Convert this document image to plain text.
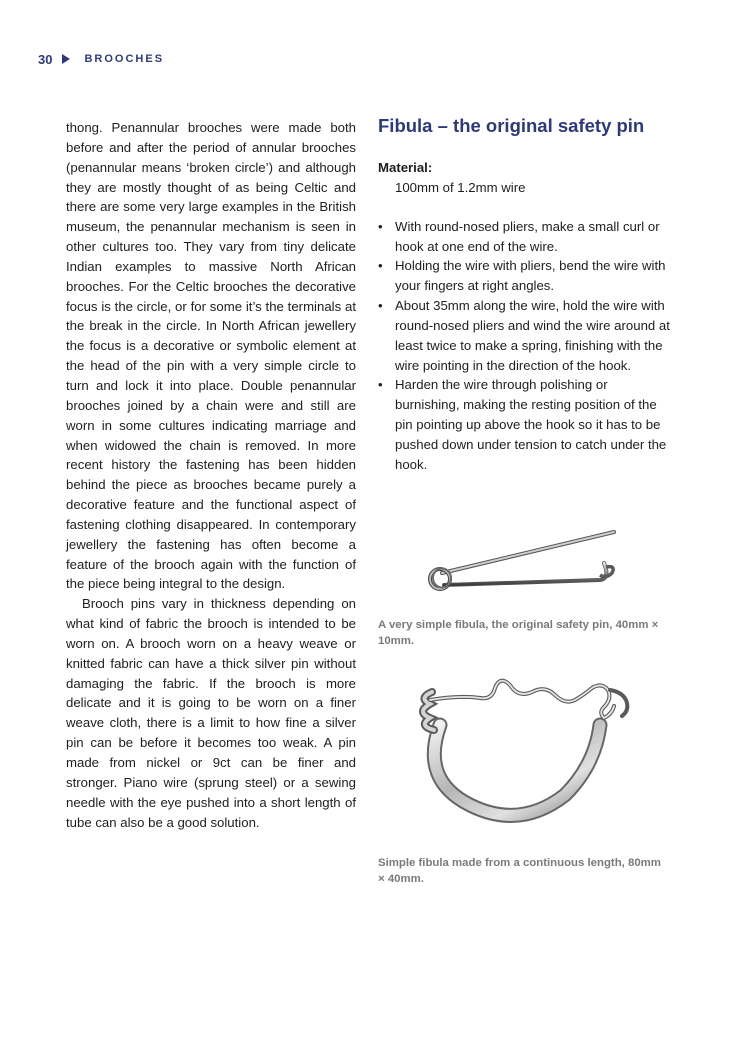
30	BROOCHES

thong. Penannular brooches were made both before and after the period of annular brooches (penannular means ‘broken circle’) and although they are mostly thought of as being Celtic and there are some very large examples in the British museum, the penannular mechanism is seen in other cultures too. They vary from tiny delicate Indian examples to massive North African brooches. For the Celtic brooches the decorative focus is the circle, or for some it’s the terminals at the break in the circle. In North African jewellery the focus is a decorative or symbolic element at the head of the pin with a very simple circle to turn and lock it into place. Double penannular brooches joined by a chain were and still are worn in some cultures indicating marriage and when widowed the chain is removed. In more recent history the fastening has been hidden behind the piece as brooches became purely a decorative feature and the functional aspect of fastening clothing disappeared. In contemporary jewellery the fastening has often become a feature of the brooch again with the function of the piece being integral to the design.

Brooch pins vary in thickness depending on what kind of fabric the brooch is intended to be worn on. A brooch worn on a heavy weave or knitted fabric can have a thick silver pin without damaging the fabric. If the brooch is more delicate and it is going to be worn on a finer weave cloth, there is a limit to how fine a silver pin can be before it becomes too weak. A pin made from nickel or 9ct can be finer and stronger. Piano wire (sprung steel) or a sewing needle with the eye pushed into a short length of tube can also be a good solution.

Fibula – the original safety pin
Material:
100mm of 1.2mm wire
• With round-nosed pliers, make a small curl or hook at one end of the wire.
• Holding the wire with pliers, bend the wire with your fingers at right angles.
• About 35mm along the wire, hold the wire with round-nosed pliers and wind the wire around at least twice to make a spring, finishing with the wire pointing in the direction of the hook.
• Harden the wire through polishing or burnishing, making the resting position of the pin pointing up above the hook so it has to be pushed down under tension to catch under the hook.
A very simple fibula, the original safety pin, 40mm × 10mm.
Simple fibula made from a continuous length, 80mm × 40mm.
